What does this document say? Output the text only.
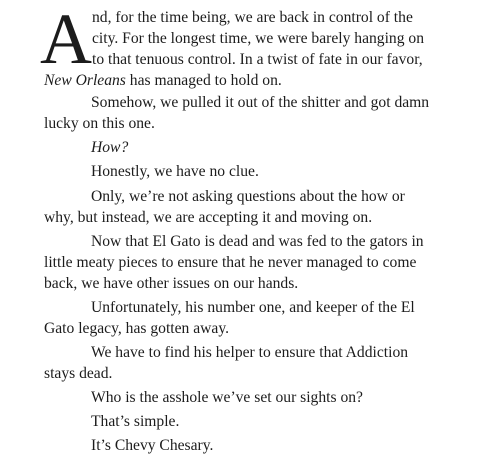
A nd, for the time being, we are back in control of the
city. For the longest time, we were barely hanging on
to that tenuous control. In a twist of fate in our favor,
New Orleans has managed to hold on.
Somehow, we pulled it out of the shitter and got damn
lucky on this one.
How?
Honestly, we have no clue.
Only, we’re not asking questions about the how or
why, but instead, we are accepting it and moving on.
Now that El Gato is dead and was fed to the gators in
little meaty pieces to ensure that he never managed to come
back, we have other issues on our hands.
Unfortunately, his number one, and keeper of the El
Gato legacy, has gotten away.
We have to find his helper to ensure that Addiction
stays dead.
Who is the asshole we’ve set our sights on?
That’s simple.
It’s Chevy Chesary.
